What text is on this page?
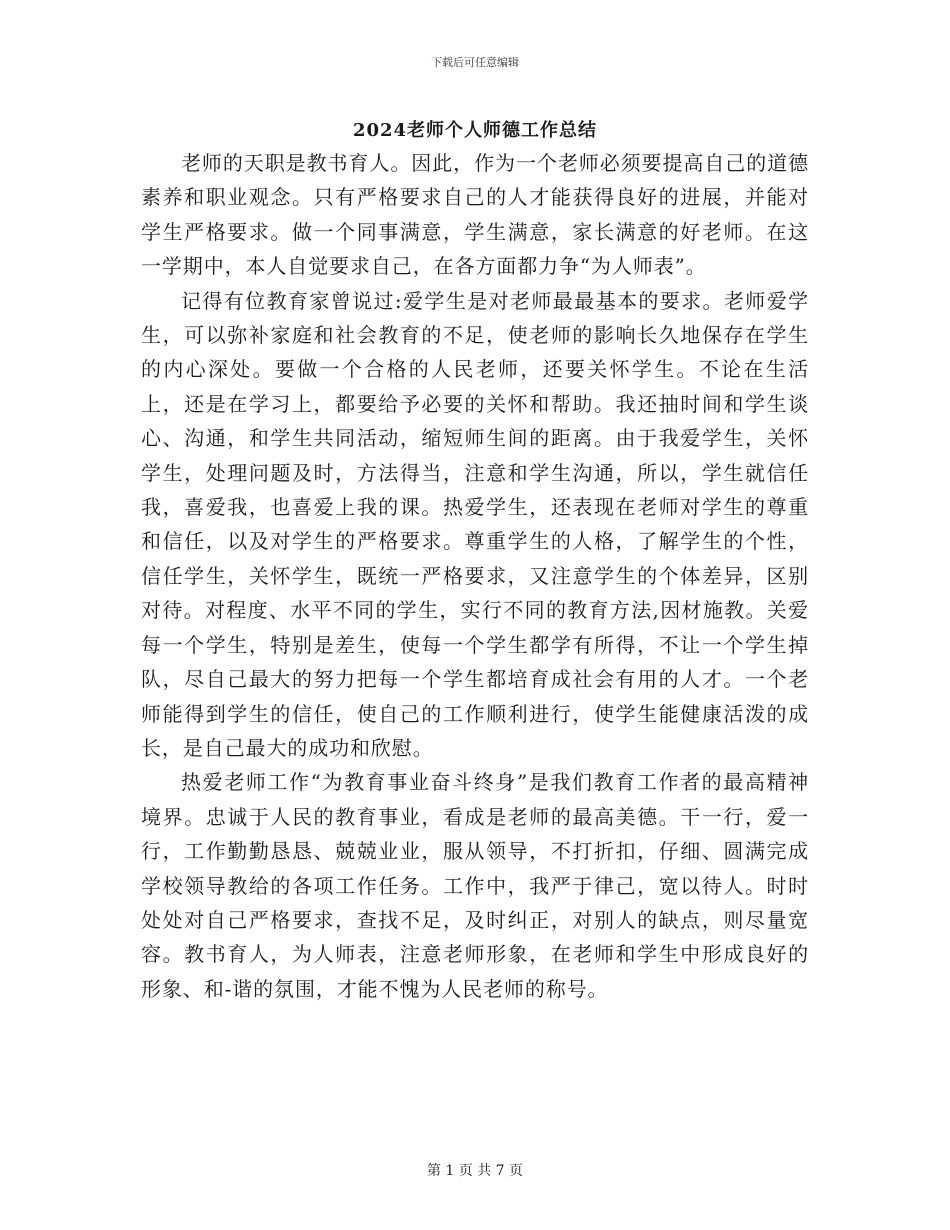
下载后可任意编辑
2024老师个人师德工作总结

老师的天职是教书育人。因此，作为一个老师必须要提高自己的道德素养和职业观念。只有严格要求自己的人才能获得良好的进展，并能对学生严格要求。做一个同事满意，学生满意，家长满意的好老师。在这一学期中，本人自觉要求自己，在各方面都力争“为人师表”。

记得有位教育家曾说过:爱学生是对老师最最基本的要求。老师爱学生，可以弥补家庭和社会教育的不足，使老师的影响长久地保存在学生的内心深处。要做一个合格的人民老师，还要关怀学生。不论在生活上，还是在学习上，都要给予必要的关怀和帮助。我还抽时间和学生谈心、沟通，和学生共同活动，缩短师生间的距离。由于我爱学生，关怀学生，处理问题及时，方法得当，注意和学生沟通，所以，学生就信任我，喜爱我，也喜爱上我的课。热爱学生，还表现在老师对学生的尊重和信任，以及对学生的严格要求。尊重学生的人格，了解学生的个性，信任学生，关怀学生，既统一严格要求，又注意学生的个体差异，区别对待。对程度、水平不同的学生，实行不同的教育方法,因材施教。关爱每一个学生，特别是差生，使每一个学生都学有所得，不让一个学生掉队，尽自己最大的努力把每一个学生都培育成社会有用的人才。一个老师能得到学生的信任，使自己的工作顺利进行，使学生能健康活泼的成长，是自己最大的成功和欣慰。

热爱老师工作“为教育事业奋斗终身”是我们教育工作者的最高精神境界。忠诚于人民的教育事业，看成是老师的最高美德。干一行，爱一行，工作勤勤恳恳、兢兢业业，服从领导，不打折扣，仔细、圆满完成学校领导教给的各项工作任务。工作中，我严于律己，宽以待人。时时处处对自己严格要求，查找不足，及时纠正，对别人的缺点，则尽量宽容。教书育人，为人师表，注意老师形象，在老师和学生中形成良好的形象、和-谐的氛围，才能不愧为人民老师的称号。

第 1 页 共 7 页
